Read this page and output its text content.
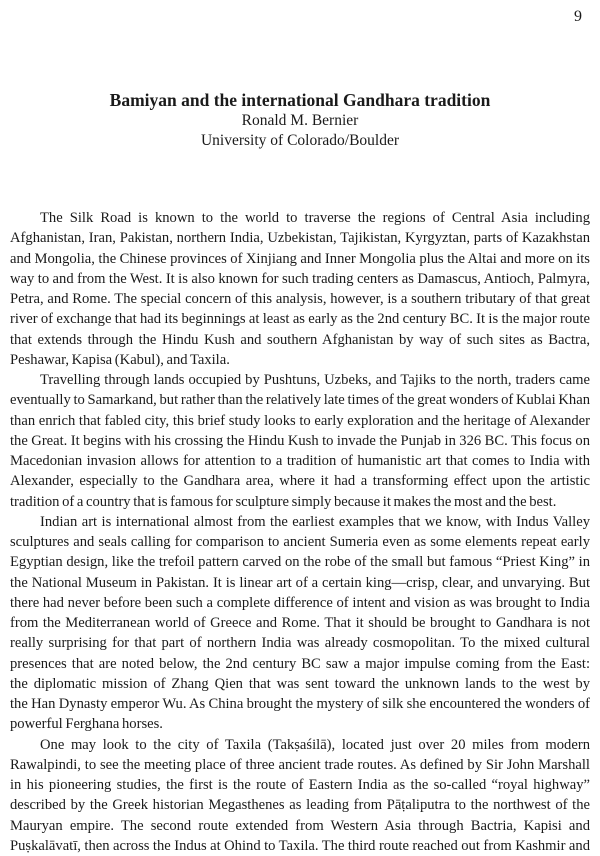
9
Bamiyan and the international Gandhara tradition
Ronald M. Bernier
University of Colorado/Boulder
The Silk Road is known to the world to traverse the regions of Central Asia including
Afghanistan, Iran, Pakistan, northern India, Uzbekistan, Tajikistan, Kyrgyztan, parts of Kazakhstan
and Mongolia, the Chinese provinces of Xinjiang and Inner Mongolia plus the Altai and more on its
way to and from the West. It is also known for such trading centers as Damascus, Antioch, Palmyra,
Petra, and Rome. The special concern of this analysis, however, is a southern tributary of that great
river of exchange that had its beginnings at least as early as the 2nd century BC. It is the major route
that extends through the Hindu Kush and southern Afghanistan by way of such sites as Bactra,
Peshawar, Kapisa (Kabul), and Taxila.
Travelling through lands occupied by Pushtuns, Uzbeks, and Tajiks to the north, traders came
eventually to Samarkand, but rather than the relatively late times of the great wonders of Kublai Khan
than enrich that fabled city, this brief study looks to early exploration and the heritage of Alexander
the Great. It begins with his crossing the Hindu Kush to invade the Punjab in 326 BC. This focus on
Macedonian invasion allows for attention to a tradition of humanistic art that comes to India with
Alexander, especially to the Gandhara area, where it had a transforming effect upon the artistic
tradition of a country that is famous for sculpture simply because it makes the most and the best.
Indian art is international almost from the earliest examples that we know, with Indus Valley
sculptures and seals calling for comparison to ancient Sumeria even as some elements repeat early
Egyptian design, like the trefoil pattern carved on the robe of the small but famous “Priest King” in
the National Museum in Pakistan. It is linear art of a certain king—crisp, clear, and unvarying. But
there had never before been such a complete difference of intent and vision as was brought to India
from the Mediterranean world of Greece and Rome. That it should be brought to Gandhara is not
really surprising for that part of northern India was already cosmopolitan. To the mixed cultural
presences that are noted below, the 2nd century BC saw a major impulse coming from the East:
the diplomatic mission of Zhang Qien that was sent toward the unknown lands to the west by
the Han Dynasty emperor Wu. As China brought the mystery of silk she encountered the wonders of
powerful Ferghana horses.
One may look to the city of Taxila (Takṣaśilā), located just over 20 miles from modern
Rawalpindi, to see the meeting place of three ancient trade routes. As defined by Sir John Marshall
in his pioneering studies, the first is the route of Eastern India as the so-called “royal highway”
described by the Greek historian Megasthenes as leading from Pāṭaliputra to the northwest of the
Mauryan empire. The second route extended from Western Asia through Bactria, Kapisi and
Puṣkalāvatī, then across the Indus at Ohind to Taxila. The third route reached out from Kashmir and
